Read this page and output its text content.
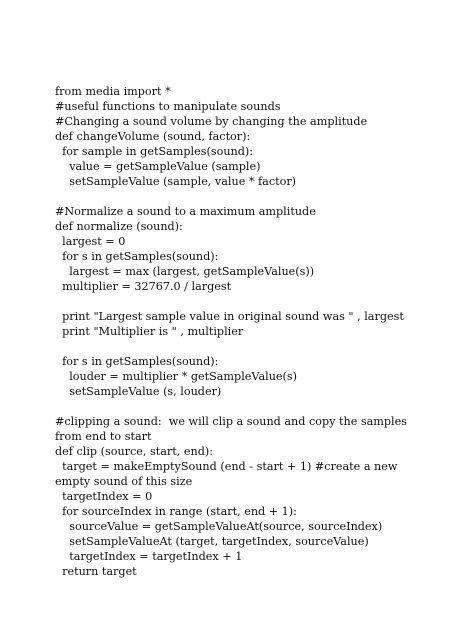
from media import *
#useful functions to manipulate sounds
#Changing a sound volume by changing the amplitude
def changeVolume (sound, factor):
for sample in getSamples(sound):
value = getSampleValue (sample)
setSampleValue (sample, value * factor)
#Normalize a sound to a maximum amplitude
def normalize (sound):
largest = 0
for s in getSamples(sound):
largest = max (largest, getSampleValue(s))
multiplier = 32767.0 / largest
print "Largest sample value in original sound was " , largest
print "Multiplier is " , multiplier
for s in getSamples(sound):
louder = multiplier * getSampleValue(s)
setSampleValue (s, louder)
#clipping a sound:  we will clip a sound and copy the samples
from end to start
def clip (source, start, end):
target = makeEmptySound (end - start + 1) #create a new
empty sound of this size
targetIndex = 0
for sourceIndex in range (start, end + 1):
sourceValue = getSampleValueAt(source, sourceIndex)
setSampleValueAt (target, targetIndex, sourceValue)
targetIndex = targetIndex + 1
return target
